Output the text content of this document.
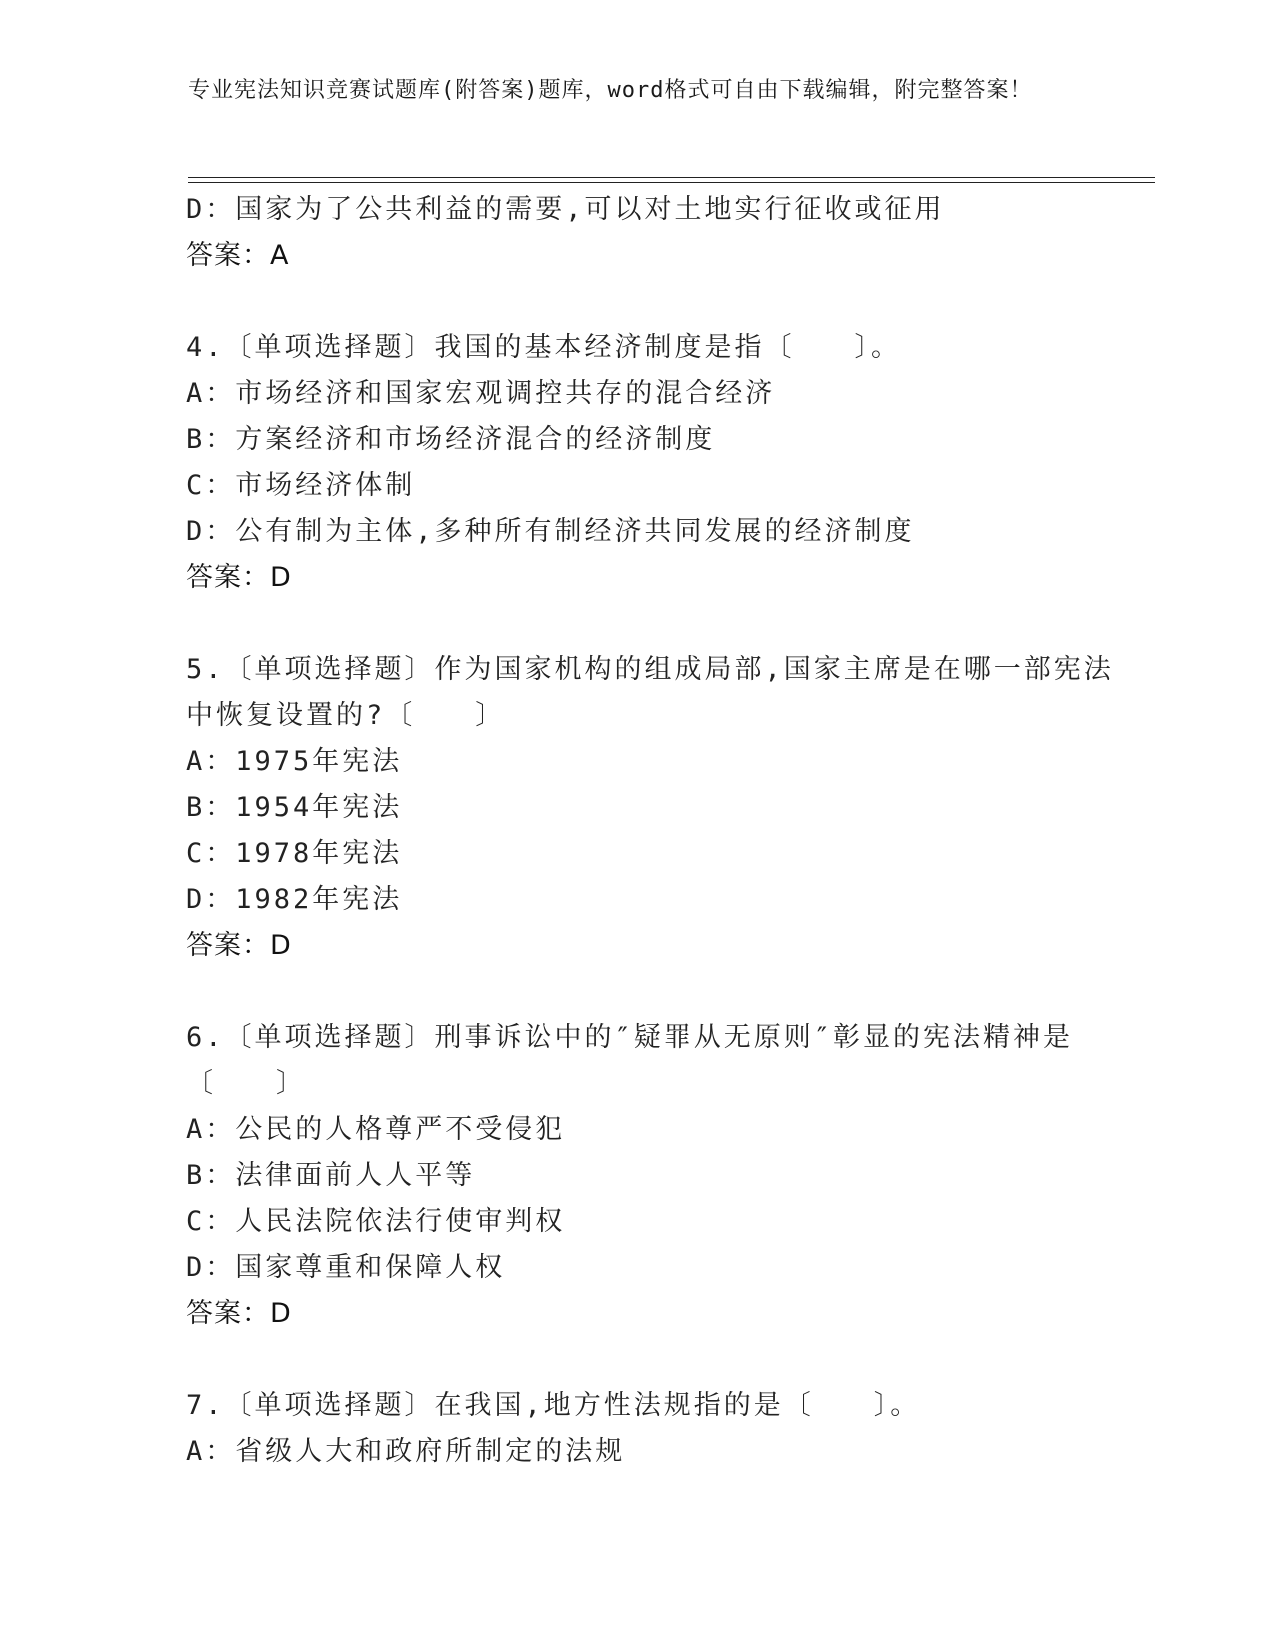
专业宪法知识竞赛试题库(附答案)题库，word格式可自由下载编辑，附完整答案！
D：国家为了公共利益的需要,可以对土地实行征收或征用
答案：A
4.〔单项选择题〕我国的基本经济制度是指〔　　〕。
A：市场经济和国家宏观调控共存的混合经济
B：方案经济和市场经济混合的经济制度
C：市场经济体制
D：公有制为主体,多种所有制经济共同发展的经济制度
答案：D
5.〔单项选择题〕作为国家机构的组成局部,国家主席是在哪一部宪法
中恢复设置的?〔　　〕
A：1975年宪法
B：1954年宪法
C：1978年宪法
D：1982年宪法
答案：D
6.〔单项选择题〕刑事诉讼中的″疑罪从无原则″彰显的宪法精神是
〔　　〕
A：公民的人格尊严不受侵犯
B：法律面前人人平等
C：人民法院依法行使审判权
D：国家尊重和保障人权
答案：D
7.〔单项选择题〕在我国,地方性法规指的是〔　　〕。
A：省级人大和政府所制定的法规
